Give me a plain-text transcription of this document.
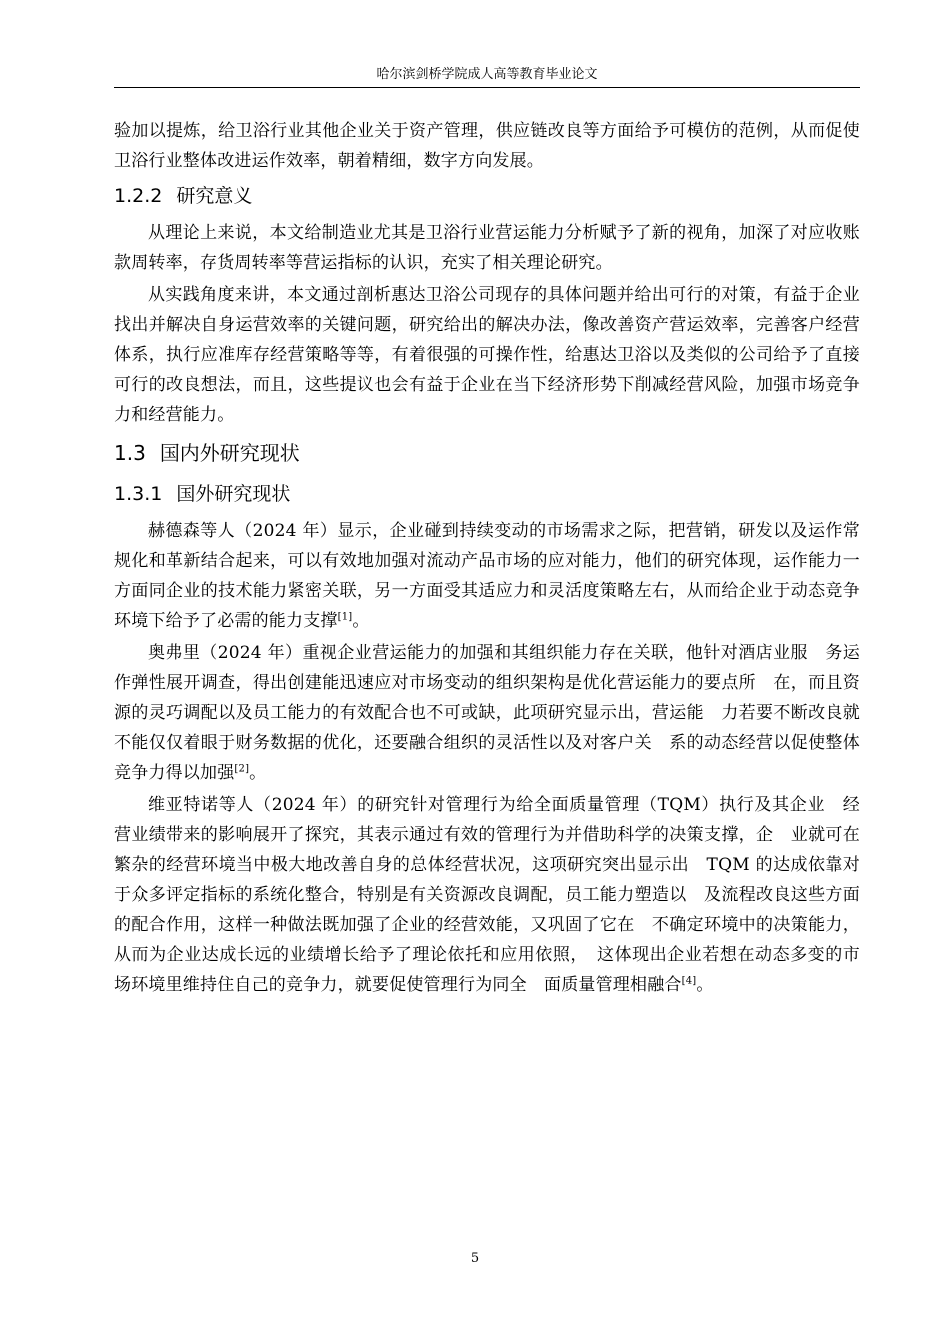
哈尔滨剑桥学院成人高等教育毕业论文

验加以提炼，给卫浴行业其他企业关于资产管理，供应链改良等方面给予可模仿的范例，从而促使卫浴行业整体改进运作效率，朝着精细，数字方向发展。

1.2.2 研究意义

从理论上来说，本文给制造业尤其是卫浴行业营运能力分析赋予了新的视角，加深了对应收账款周转率，存货周转率等营运指标的认识，充实了相关理论研究。

从实践角度来讲，本文通过剖析惠达卫浴公司现存的具体问题并给出可行的对策，有益于企业找出并解决自身运营效率的关键问题，研究给出的解决办法，像改善资产营运效率，完善客户经营体系，执行应准库存经营策略等等，有着很强的可操作性，给惠达卫浴以及类似的公司给予了直接可行的改良想法，而且，这些提议也会有益于企业在当下经济形势下削减经营风险，加强市场竞争力和经营能力。

1.3 国内外研究现状
1.3.1 国外研究现状

赫德森等人（2024 年）显示，企业碰到持续变动的市场需求之际，把营销，研发以及运作常规化和革新结合起来，可以有效地加强对流动产品市场的应对能力，他们的研究体现，运作能力一方面同企业的技术能力紧密关联，另一方面受其适应力和灵活度策略左右，从而给企业于动态竞争环境下给予了必需的能力支撑[1]。

奥弗里（2024 年）重视企业营运能力的加强和其组织能力存在关联，他针对酒店业服　务运作弹性展开调查，得出创建能迅速应对市场变动的组织架构是优化营运能力的要点所　在，而且资源的灵巧调配以及员工能力的有效配合也不可或缺，此项研究显示出，营运能　力若要不断改良就不能仅仅着眼于财务数据的优化，还要融合组织的灵活性以及对客户关　系的动态经营以促使整体竞争力得以加强[2]。

维亚特诺等人（2024 年）的研究针对管理行为给全面质量管理（TQM）执行及其企业　经营业绩带来的影响展开了探究，其表示通过有效的管理行为并借助科学的决策支撑，企　业就可在繁杂的经营环境当中极大地改善自身的总体经营状况，这项研究突出显示出　TQM 的达成依靠对于众多评定指标的系统化整合，特别是有关资源改良调配，员工能力塑造以　及流程改良这些方面的配合作用，这样一种做法既加强了企业的经营效能，又巩固了它在　不确定环境中的决策能力，从而为企业达成长远的业绩增长给予了理论依托和应用依照，　这体现出企业若想在动态多变的市场环境里维持住自己的竞争力，就要促使管理行为同全　面质量管理相融合[4]。

5
